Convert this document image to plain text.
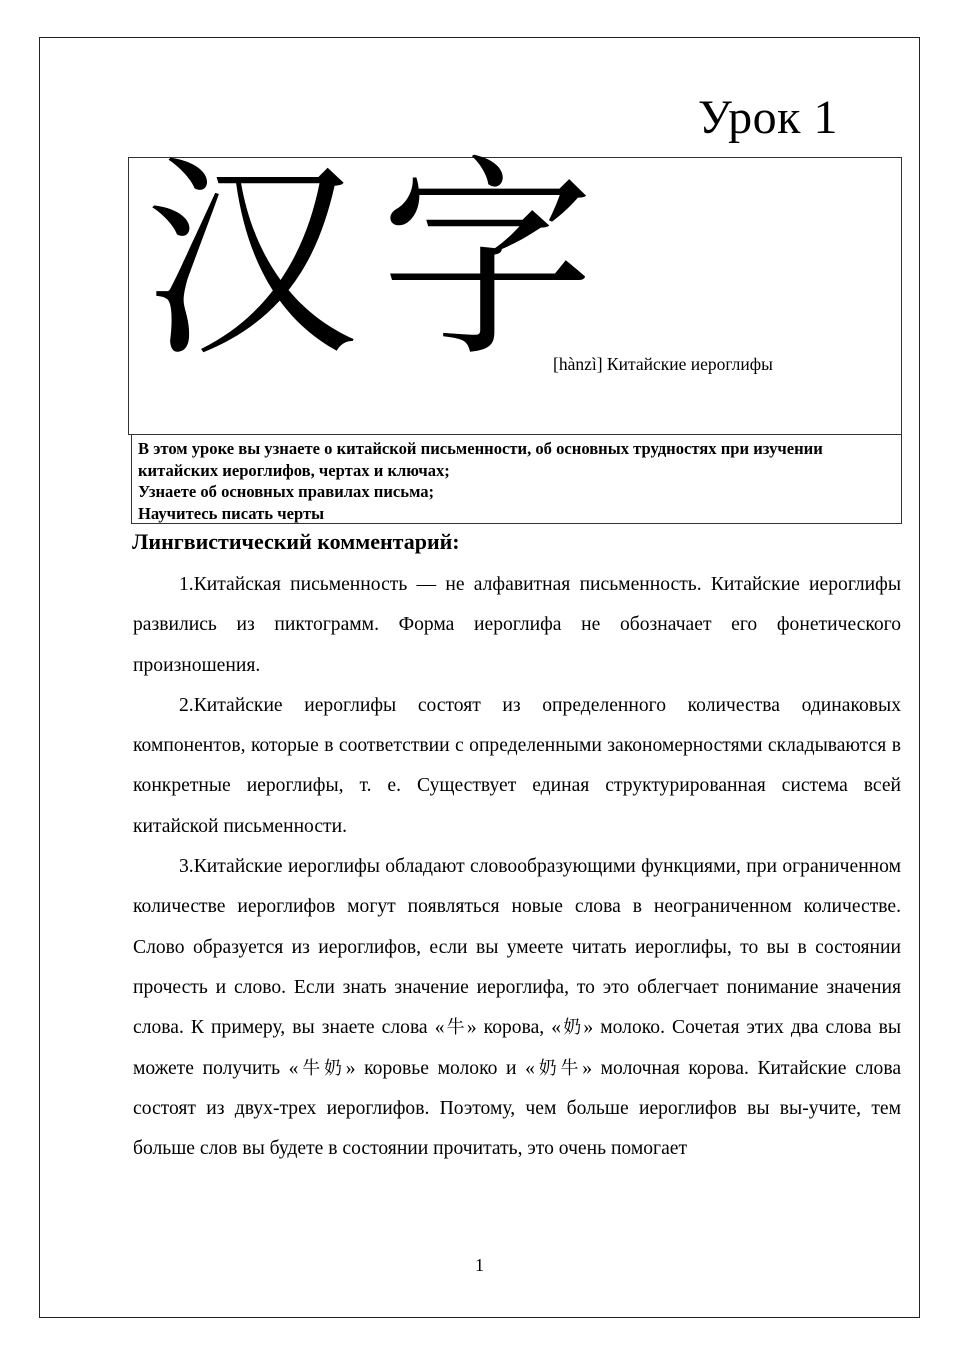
Урок 1
汉字
[hànzì] Китайские иероглифы
В этом уроке вы узнаете о китайской письменности, об основных трудностях при изучении китайских иероглифов, чертах и ключах;
Узнаете об основных правилах письма;
Научитесь писать черты
Лингвистический комментарий:

1.Китайская письменность — не алфавитная письменность. Китайские иероглифы развились из пиктограмм. Форма иероглифа не обозначает его фонетического произношения.

2.Китайские иероглифы состоят из определенного количества одинаковых компонентов, которые в соответствии с определенными закономерностями складываются в конкретные иероглифы, т. е. Существует единая структурированная система всей китайской письменности.

3.Китайские иероглифы обладают словообразующими функциями, при ограниченном количестве иероглифов могут появляться новые слова в неограниченном количестве. Слово образуется из иероглифов, если вы умеете читать иероглифы, то вы в состоянии прочесть и слово. Если знать значение иероглифа, то это облегчает понимание значения слова. К примеру, вы знаете слова «牛» корова, «奶» молоко. Сочетая этих два слова вы можете получить «牛奶» коровье молоко и «奶牛» молочная корова. Китайские слова состоят из двух-трех иероглифов. Поэтому, чем больше иероглифов вы вы-учите, тем больше слов вы будете в состоянии прочитать, это очень помогает

1
